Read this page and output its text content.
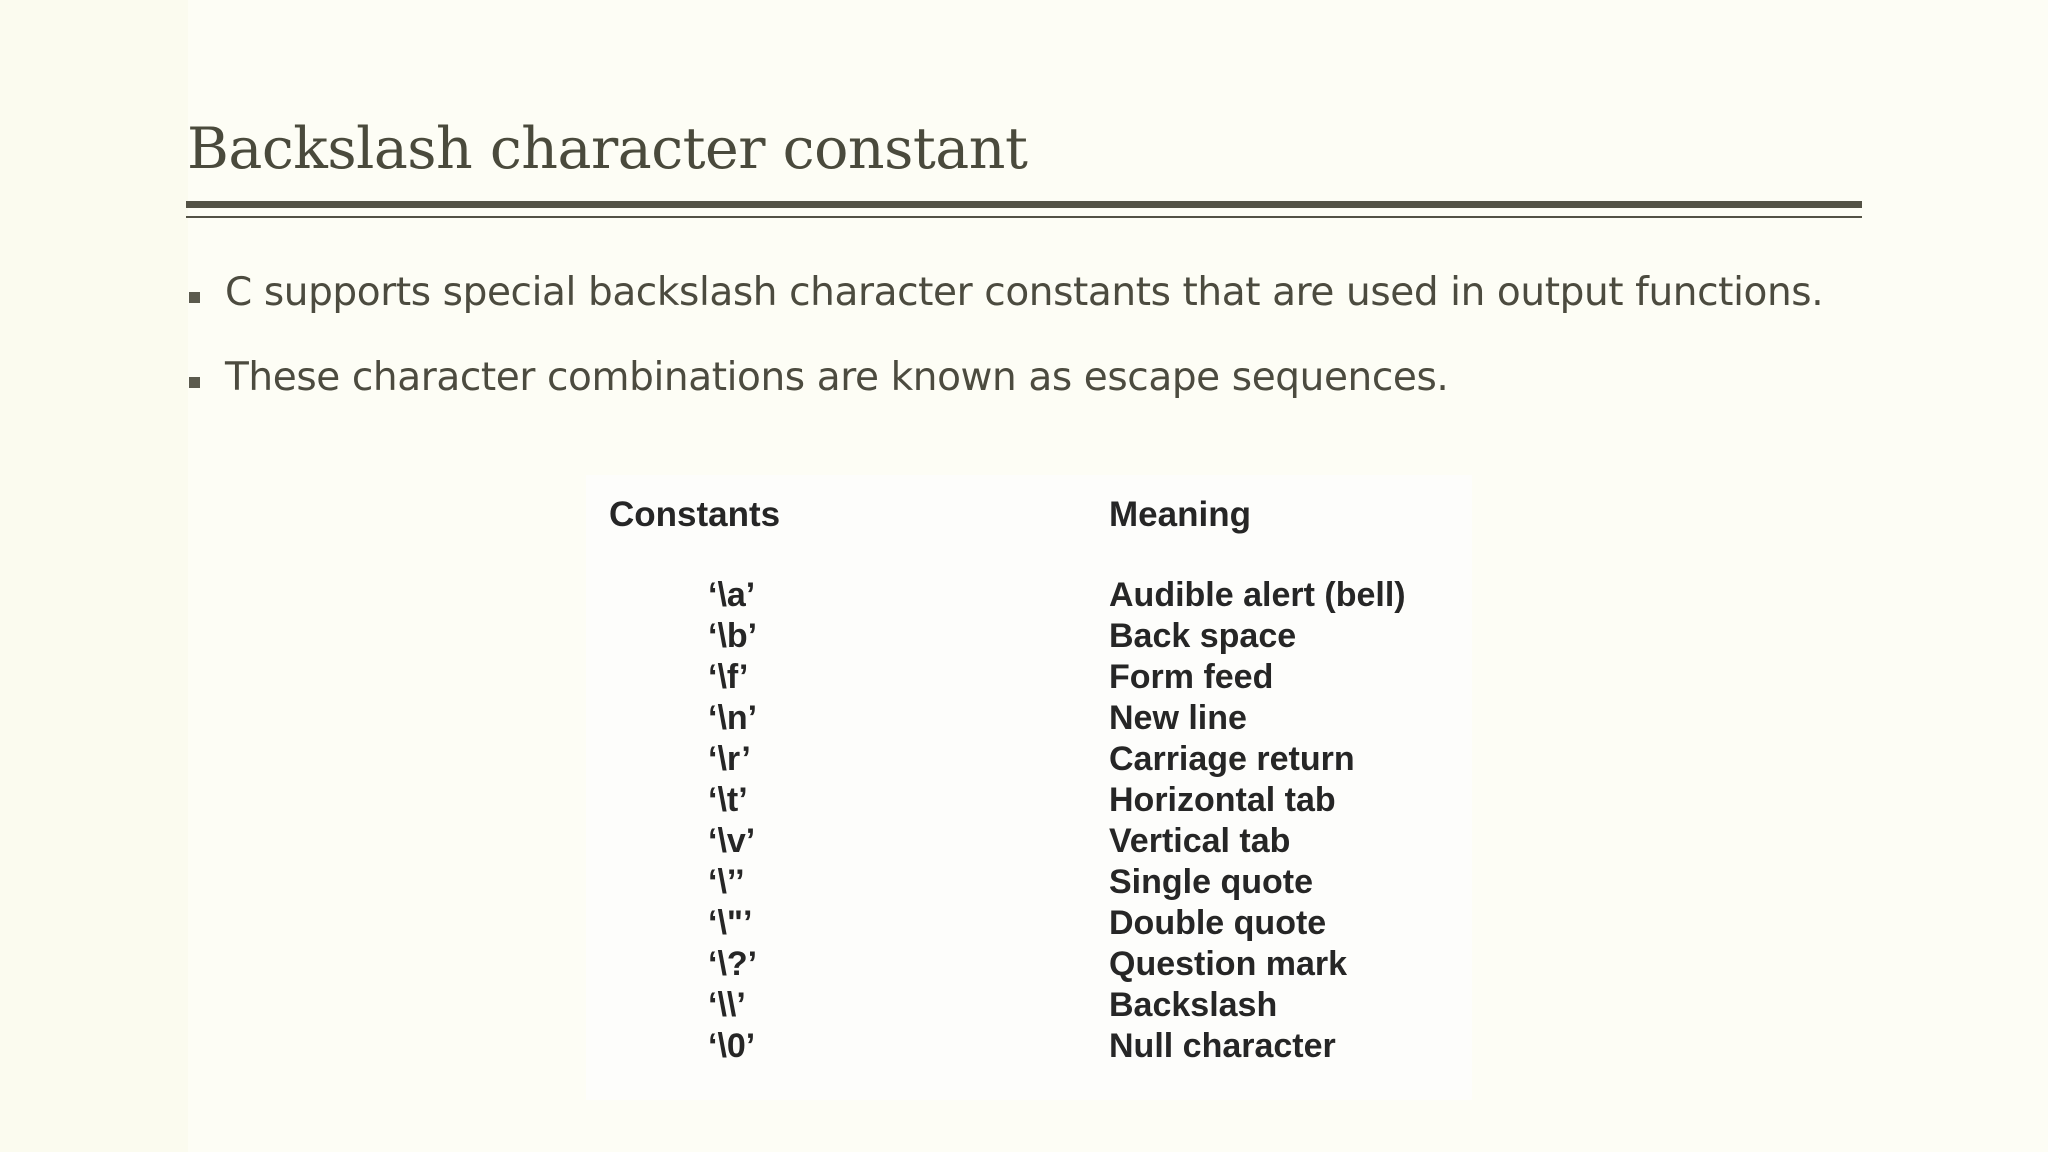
Backslash character constant
C supports special backslash character constants that are used in output functions.
These character combinations are known as escape sequences.
Constants	Meaning
‘\a’	Audible alert (bell)
‘\b’	Back space
‘\f’	Form feed
‘\n’	New line
‘\r’	Carriage return
‘\t’	Horizontal tab
‘\v’	Vertical tab
‘\’’	Single quote
‘\"’	Double quote
‘\?’	Question mark
‘\\’	Backslash
‘\0’	Null character
